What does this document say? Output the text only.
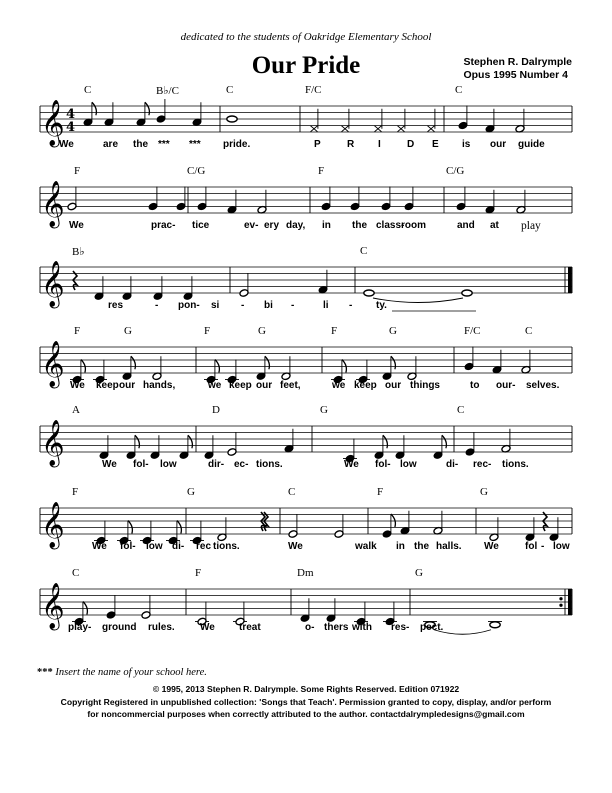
dedicated to the students of Oakridge Elementary School
Our Pride	Stephen R. Dalrymple
Opus 1995 Number 4
𝄞
𝄞
𝄞
𝄞
𝄞
𝄞
𝄞
4
4
C	B♭/C	C	F/C	C
F	C/G	F	C/G
B♭	C
F	G	F	G	F	G	F/C	C
A	D	G	C
F	G	C	F	G
C	F	Dm	G
We	are the *** *** pride.	P	R I	D E is our guide
We	prac- tice	ev- ery day, in the class-
room	and at play
res	- pon- si - bi -	li - ty.
We keep our hands,	we keep our feet,	we keep our things	to our- selves.
We fol- low	dir- ec- tions.	We fol- low	di- rec- tions.
We fol- low di- rec tions.	We	walk in the halls. We	fol - low
play- ground rules.	We treat	o- thers with res- pect.
*** Insert the name of your school here.
© 1995, 2013 Stephen R. Dalrymple. Some Rights Reserved. Edition 071922
Copyright Registered in unpublished collection: 'Songs that Teach'. Permission granted to copy, display, and/or perform
for noncommercial purposes when correctly attributed to the author. contactdalrympledesigns@gmail.com
